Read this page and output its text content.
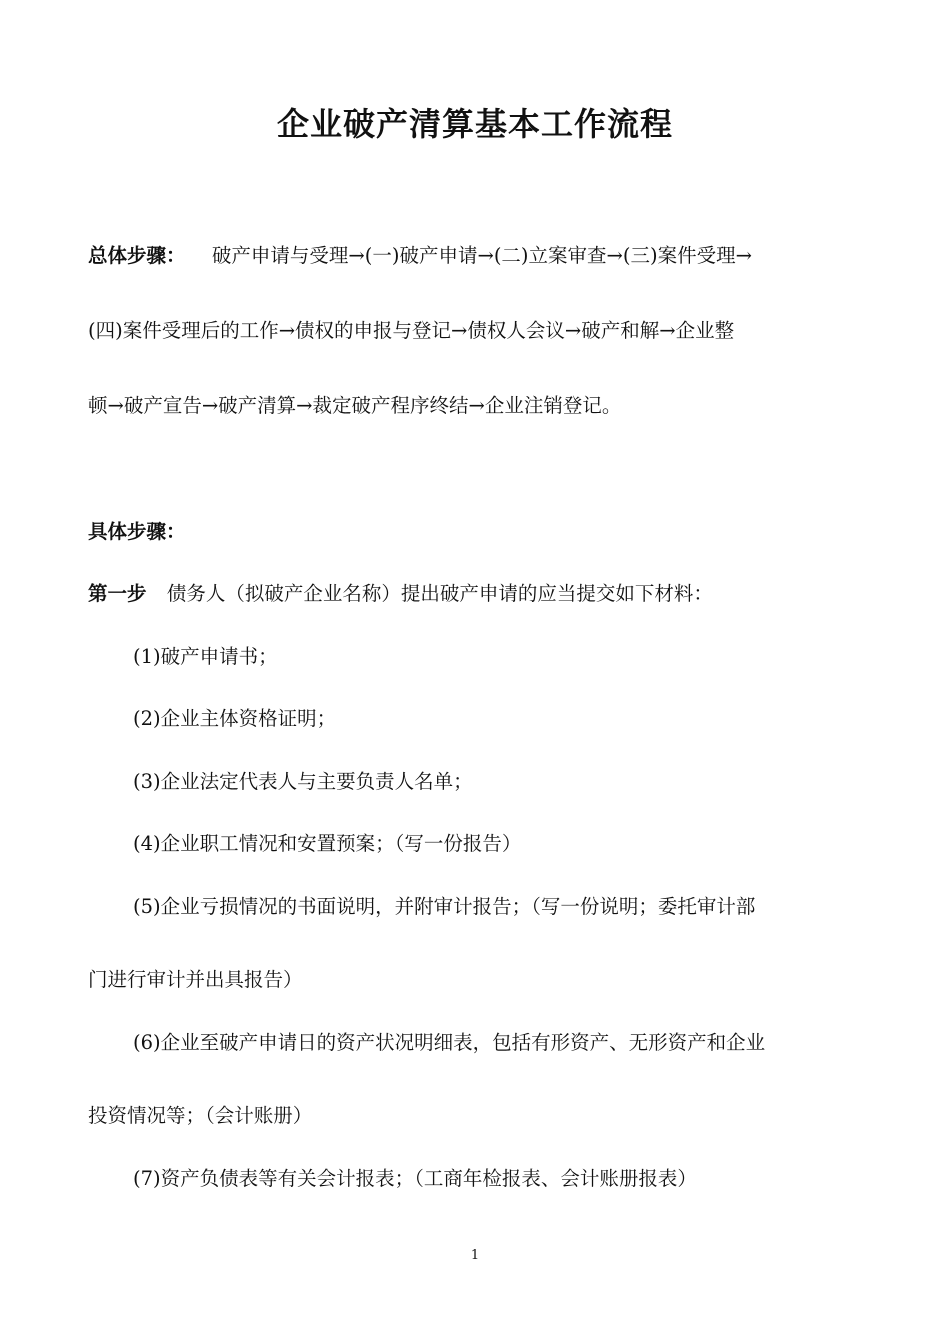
企业破产清算基本工作流程
总体步骤： 破产申请与受理→(一)破产申请→(二)立案审查→(三)案件受理→
(四)案件受理后的工作→债权的申报与登记→债权人会议→破产和解→企业整
顿→破产宣告→破产清算→裁定破产程序终结→企业注销登记。
具体步骤：
第一步 债务人（拟破产企业名称）提出破产申请的应当提交如下材料：
(1)破产申请书；
(2)企业主体资格证明；
(3)企业法定代表人与主要负责人名单；
(4)企业职工情况和安置预案；（写一份报告）
(5)企业亏损情况的书面说明，并附审计报告；（写一份说明；委托审计部
门进行审计并出具报告）
(6)企业至破产申请日的资产状况明细表，包括有形资产、无形资产和企业
投资情况等；（会计账册）
(7)资产负债表等有关会计报表；（工商年检报表、会计账册报表）
1
